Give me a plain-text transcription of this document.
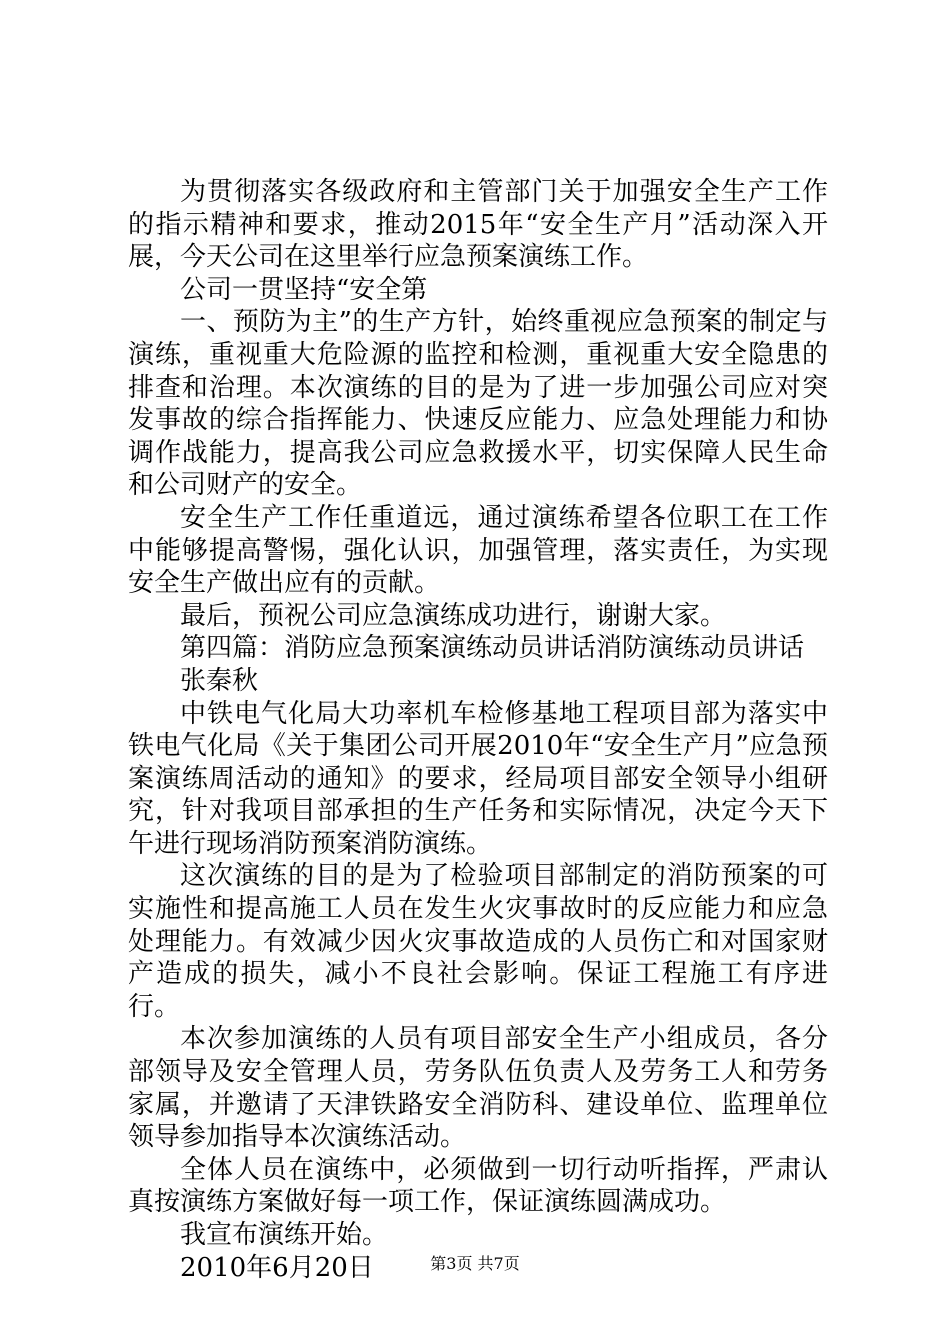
为贯彻落实各级政府和主管部门关于加强安全生产工作的指示精神和要求，推动2015年“安全生产月”活动深入开展，今天公司在这里举行应急预案演练工作。

公司一贯坚持“安全第

一、预防为主”的生产方针，始终重视应急预案的制定与演练，重视重大危险源的监控和检测，重视重大安全隐患的排查和治理。本次演练的目的是为了进一步加强公司应对突发事故的综合指挥能力、快速反应能力、应急处理能力和协调作战能力，提高我公司应急救援水平，切实保障人民生命和公司财产的安全。

安全生产工作任重道远，通过演练希望各位职工在工作中能够提高警惕，强化认识，加强管理，落实责任，为实现安全生产做出应有的贡献。

最后，预祝公司应急演练成功进行，谢谢大家。

第四篇：消防应急预案演练动员讲话消防演练动员讲话

张秦秋

中铁电气化局大功率机车检修基地工程项目部为落实中铁电气化局《关于集团公司开展2010年“安全生产月”应急预案演练周活动的通知》的要求，经局项目部安全领导小组研究，针对我项目部承担的生产任务和实际情况，决定今天下午进行现场消防预案消防演练。

这次演练的目的是为了检验项目部制定的消防预案的可实施性和提高施工人员在发生火灾事故时的反应能力和应急处理能力。有效减少因火灾事故造成的人员伤亡和对国家财产造成的损失，减小不良社会影响。保证工程施工有序进行。

本次参加演练的人员有项目部安全生产小组成员，各分部领导及安全管理人员，劳务队伍负责人及劳务工人和劳务家属，并邀请了天津铁路安全消防科、建设单位、监理单位领导参加指导本次演练活动。

全体人员在演练中，必须做到一切行动听指挥，严肃认真按演练方案做好每一项工作，保证演练圆满成功。

我宣布演练开始。

2010年6月20日	第3页 共7页
